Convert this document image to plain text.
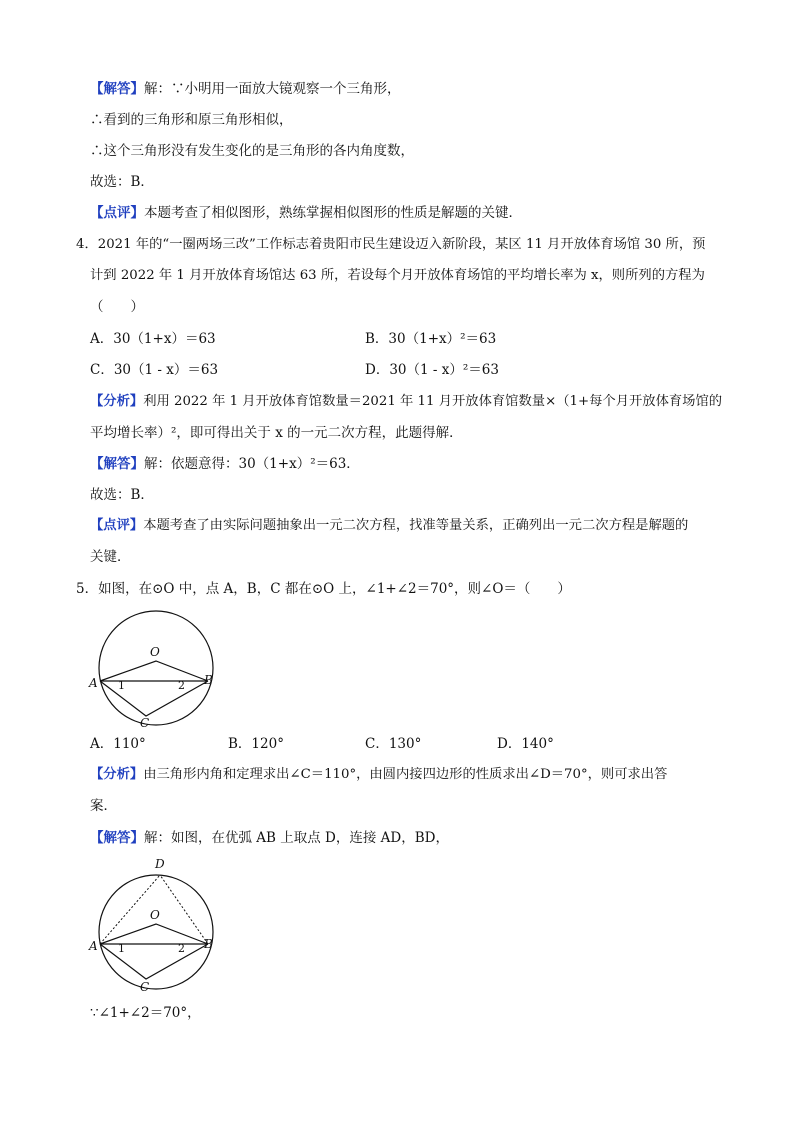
【解答】解：∵小明用一面放大镜观察一个三角形，
∴看到的三角形和原三角形相似，
∴这个三角形没有发生变化的是三角形的各内角度数，
故选：B．
【点评】本题考查了相似图形，熟练掌握相似图形的性质是解题的关键．
4．2021 年的“一圈两场三改”工作标志着贵阳市民生建设迈入新阶段，某区 11 月开放体育场馆 30 所，预
计到 2022 年 1 月开放体育场馆达 63 所，若设每个月开放体育场馆的平均增长率为 x，则所列的方程为
（　　）
A．30（1+x）＝63	B．30（1+x）²＝63
C．30（1 - x）＝63	D．30（1 - x）²＝63
【分析】利用 2022 年 1 月开放体育馆数量＝2021 年 11 月开放体育馆数量×（1+每个月开放体育场馆的
平均增长率）²，即可得出关于 x 的一元二次方程，此题得解．
【解答】解：依题意得：30（1+x）²＝63．
故选：B．
【点评】本题考查了由实际问题抽象出一元二次方程，找准等量关系，正确列出一元二次方程是解题的
关键．
5．如图，在⊙O 中，点 A，B，C 都在⊙O 上，∠1+∠2＝70°，则∠O＝（　　）
O
A	B
C
1	2
A．110°	B．120°	C．130°	D．140°
【分析】由三角形内角和定理求出∠C＝110°，由圆内接四边形的性质求出∠D＝70°，则可求出答
案．
【解答】解：如图，在优弧 AB 上取点 D，连接 AD，BD，
D
O
A	B
C
1	2
∵∠1+∠2＝70°，
